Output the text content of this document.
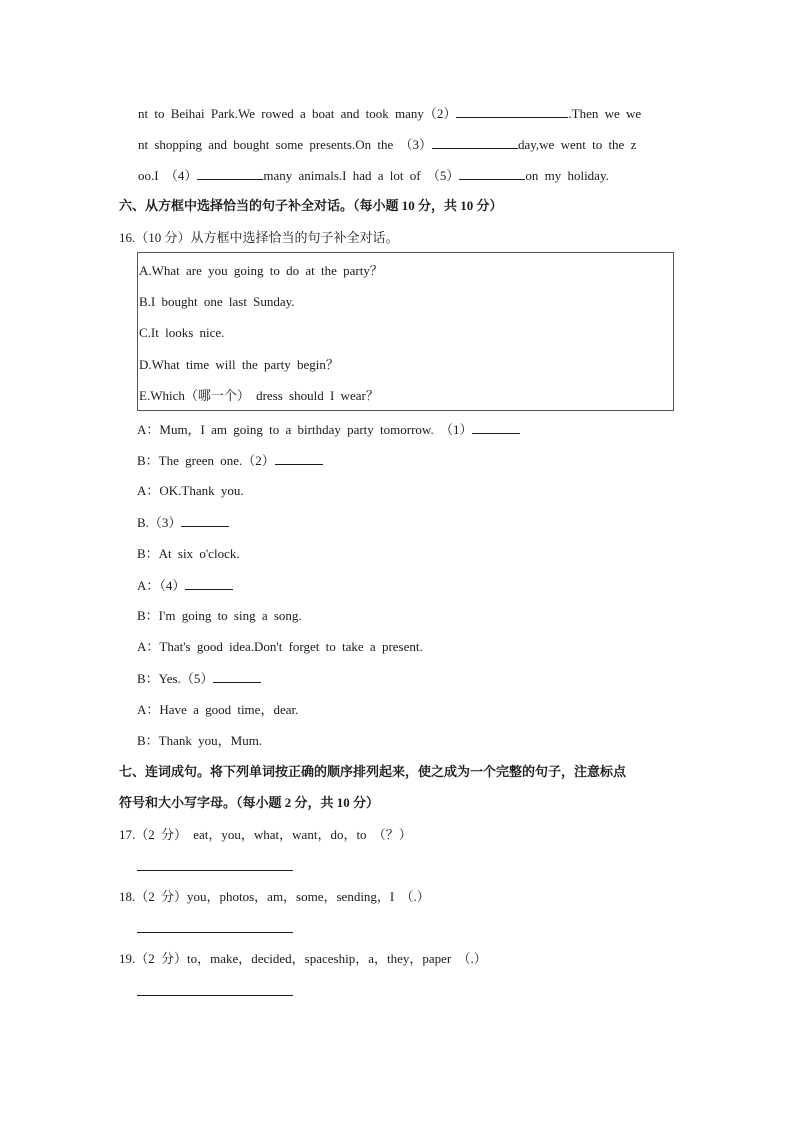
nt to Beihai Park.We rowed a boat and took many（2）	.Then we we
nt shopping and bought some presents.On the （3）	day,we went to the z
oo.I （4）	many animals.I had a lot of （5）	on my holiday.
六、从方框中选择恰当的句子补全对话。（每小题 10 分，共 10 分）
16.（10 分）从方框中选择恰当的句子补全对话。
A.What are you going to do at the party？
B.I bought one last Sunday.
C.It looks nice.
D.What time will the party begin？
E.Which（哪一个） dress should I wear？
A：Mum，I am going to a birthday party tomorrow. （1）
B：The green one.（2）
A：OK.Thank you.
B.（3）
B：At six o'clock.
A：（4）
B：I'm going to sing a song.
A：That's good idea.Don't forget to take a present.
B：Yes.（5）
A：Have a good time，dear.
B：Thank you，Mum.
七、连词成句。将下列单词按正确的顺序排列起来，使之成为一个完整的句子，注意标点
符号和大小写字母。（每小题 2 分，共 10 分）
17.（2 分） eat，you，what，want，do，to （？）
18.（2 分）you，photos，am，some，sending，I （.）
19.（2 分）to，make，decided，spaceship，a，they，paper （.）
